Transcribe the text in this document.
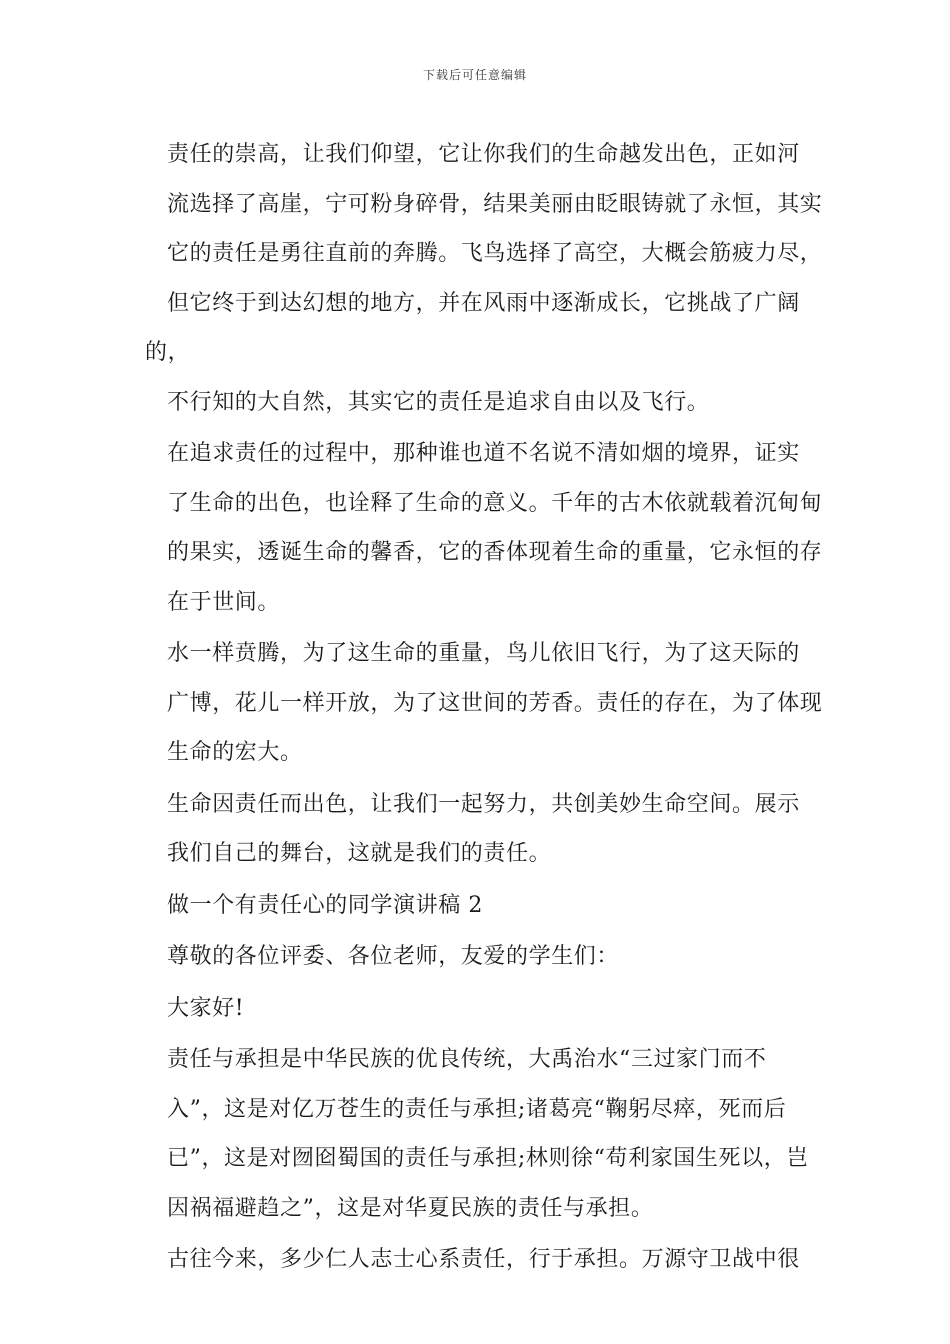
下载后可任意编辑

责任的崇高，让我们仰望，它让你我们的生命越发出色，正如河
流选择了高崖，宁可粉身碎骨，结果美丽由眨眼铸就了永恒，其实
它的责任是勇往直前的奔腾。飞鸟选择了高空，大概会筋疲力尽，
但它终于到达幻想的地方，并在风雨中逐渐成长，它挑战了广阔的，
不行知的大自然，其实它的责任是追求自由以及飞行。

在追求责任的过程中，那种谁也道不名说不清如烟的境界，证实
了生命的出色，也诠释了生命的意义。千年的古木依就载着沉甸甸
的果实，透诞生命的馨香，它的香体现着生命的重量，它永恒的存
在于世间。

水一样贲腾，为了这生命的重量，鸟儿依旧飞行，为了这天际的
广博，花儿一样开放，为了这世间的芳香。责任的存在，为了体现
生命的宏大。

生命因责任而出色，让我们一起努力，共创美妙生命空间。展示
我们自己的舞台，这就是我们的责任。

做一个有责任心的同学演讲稿 2

尊敬的各位评委、各位老师，友爱的学生们：

大家好!

责任与承担是中华民族的优良传统，大禹治水“三过家门而不
入”，这是对亿万苍生的责任与承担;诸葛亮“鞠躬尽瘁，死而后
已”，这是对囫囵蜀国的责任与承担;林则徐“苟利家国生死以，岂
因祸福避趋之”，这是对华夏民族的责任与承担。

古往今来，多少仁人志士心系责任，行于承担。万源守卫战中很
